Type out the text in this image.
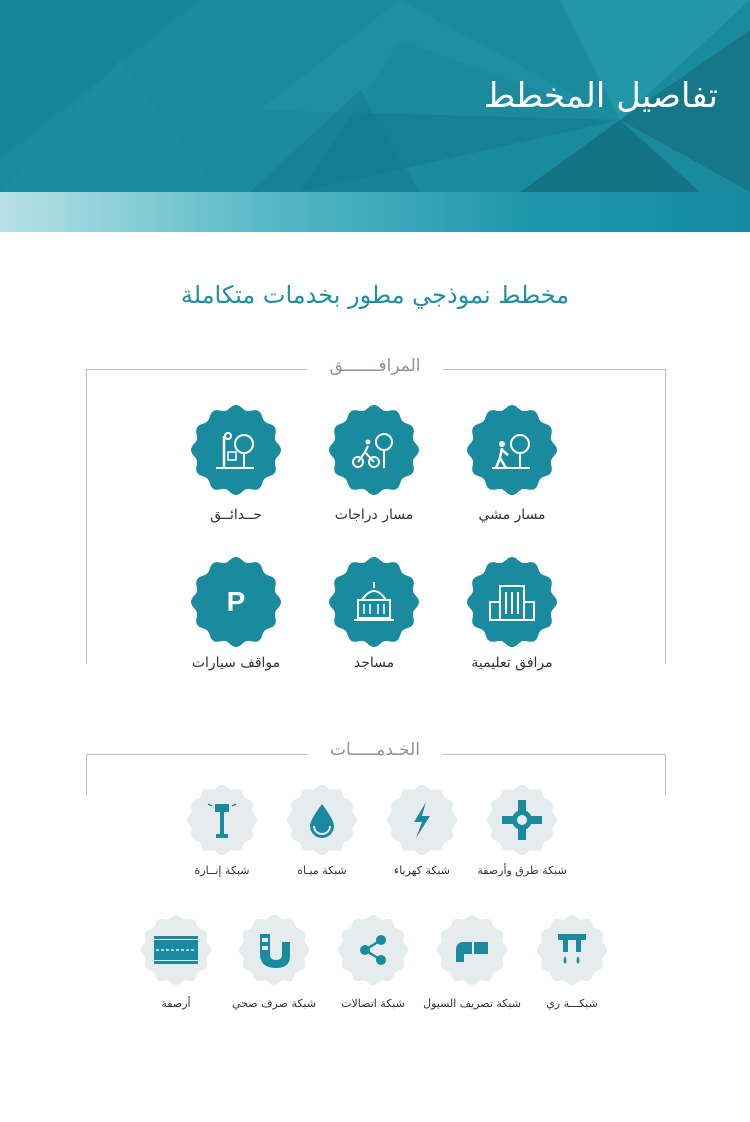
تفاصيل المخطط
مخطط نموذجي مطور بخدمات متكاملة
المرافـــــــق
مسار مشي
مسار دراجات
حــدائــق
مرافق تعليمية
مساجد
P
مواقف سيارات
الخـدمـــــات
شبكة طرق وأرصفة
شبكة كهرباء
شبكة ميـاه
شبكة إنــارة
شبكـــة ري
شبكة تصريف السيول
شبكة اتصالات
شبكة صرف صحي
أرصفة
